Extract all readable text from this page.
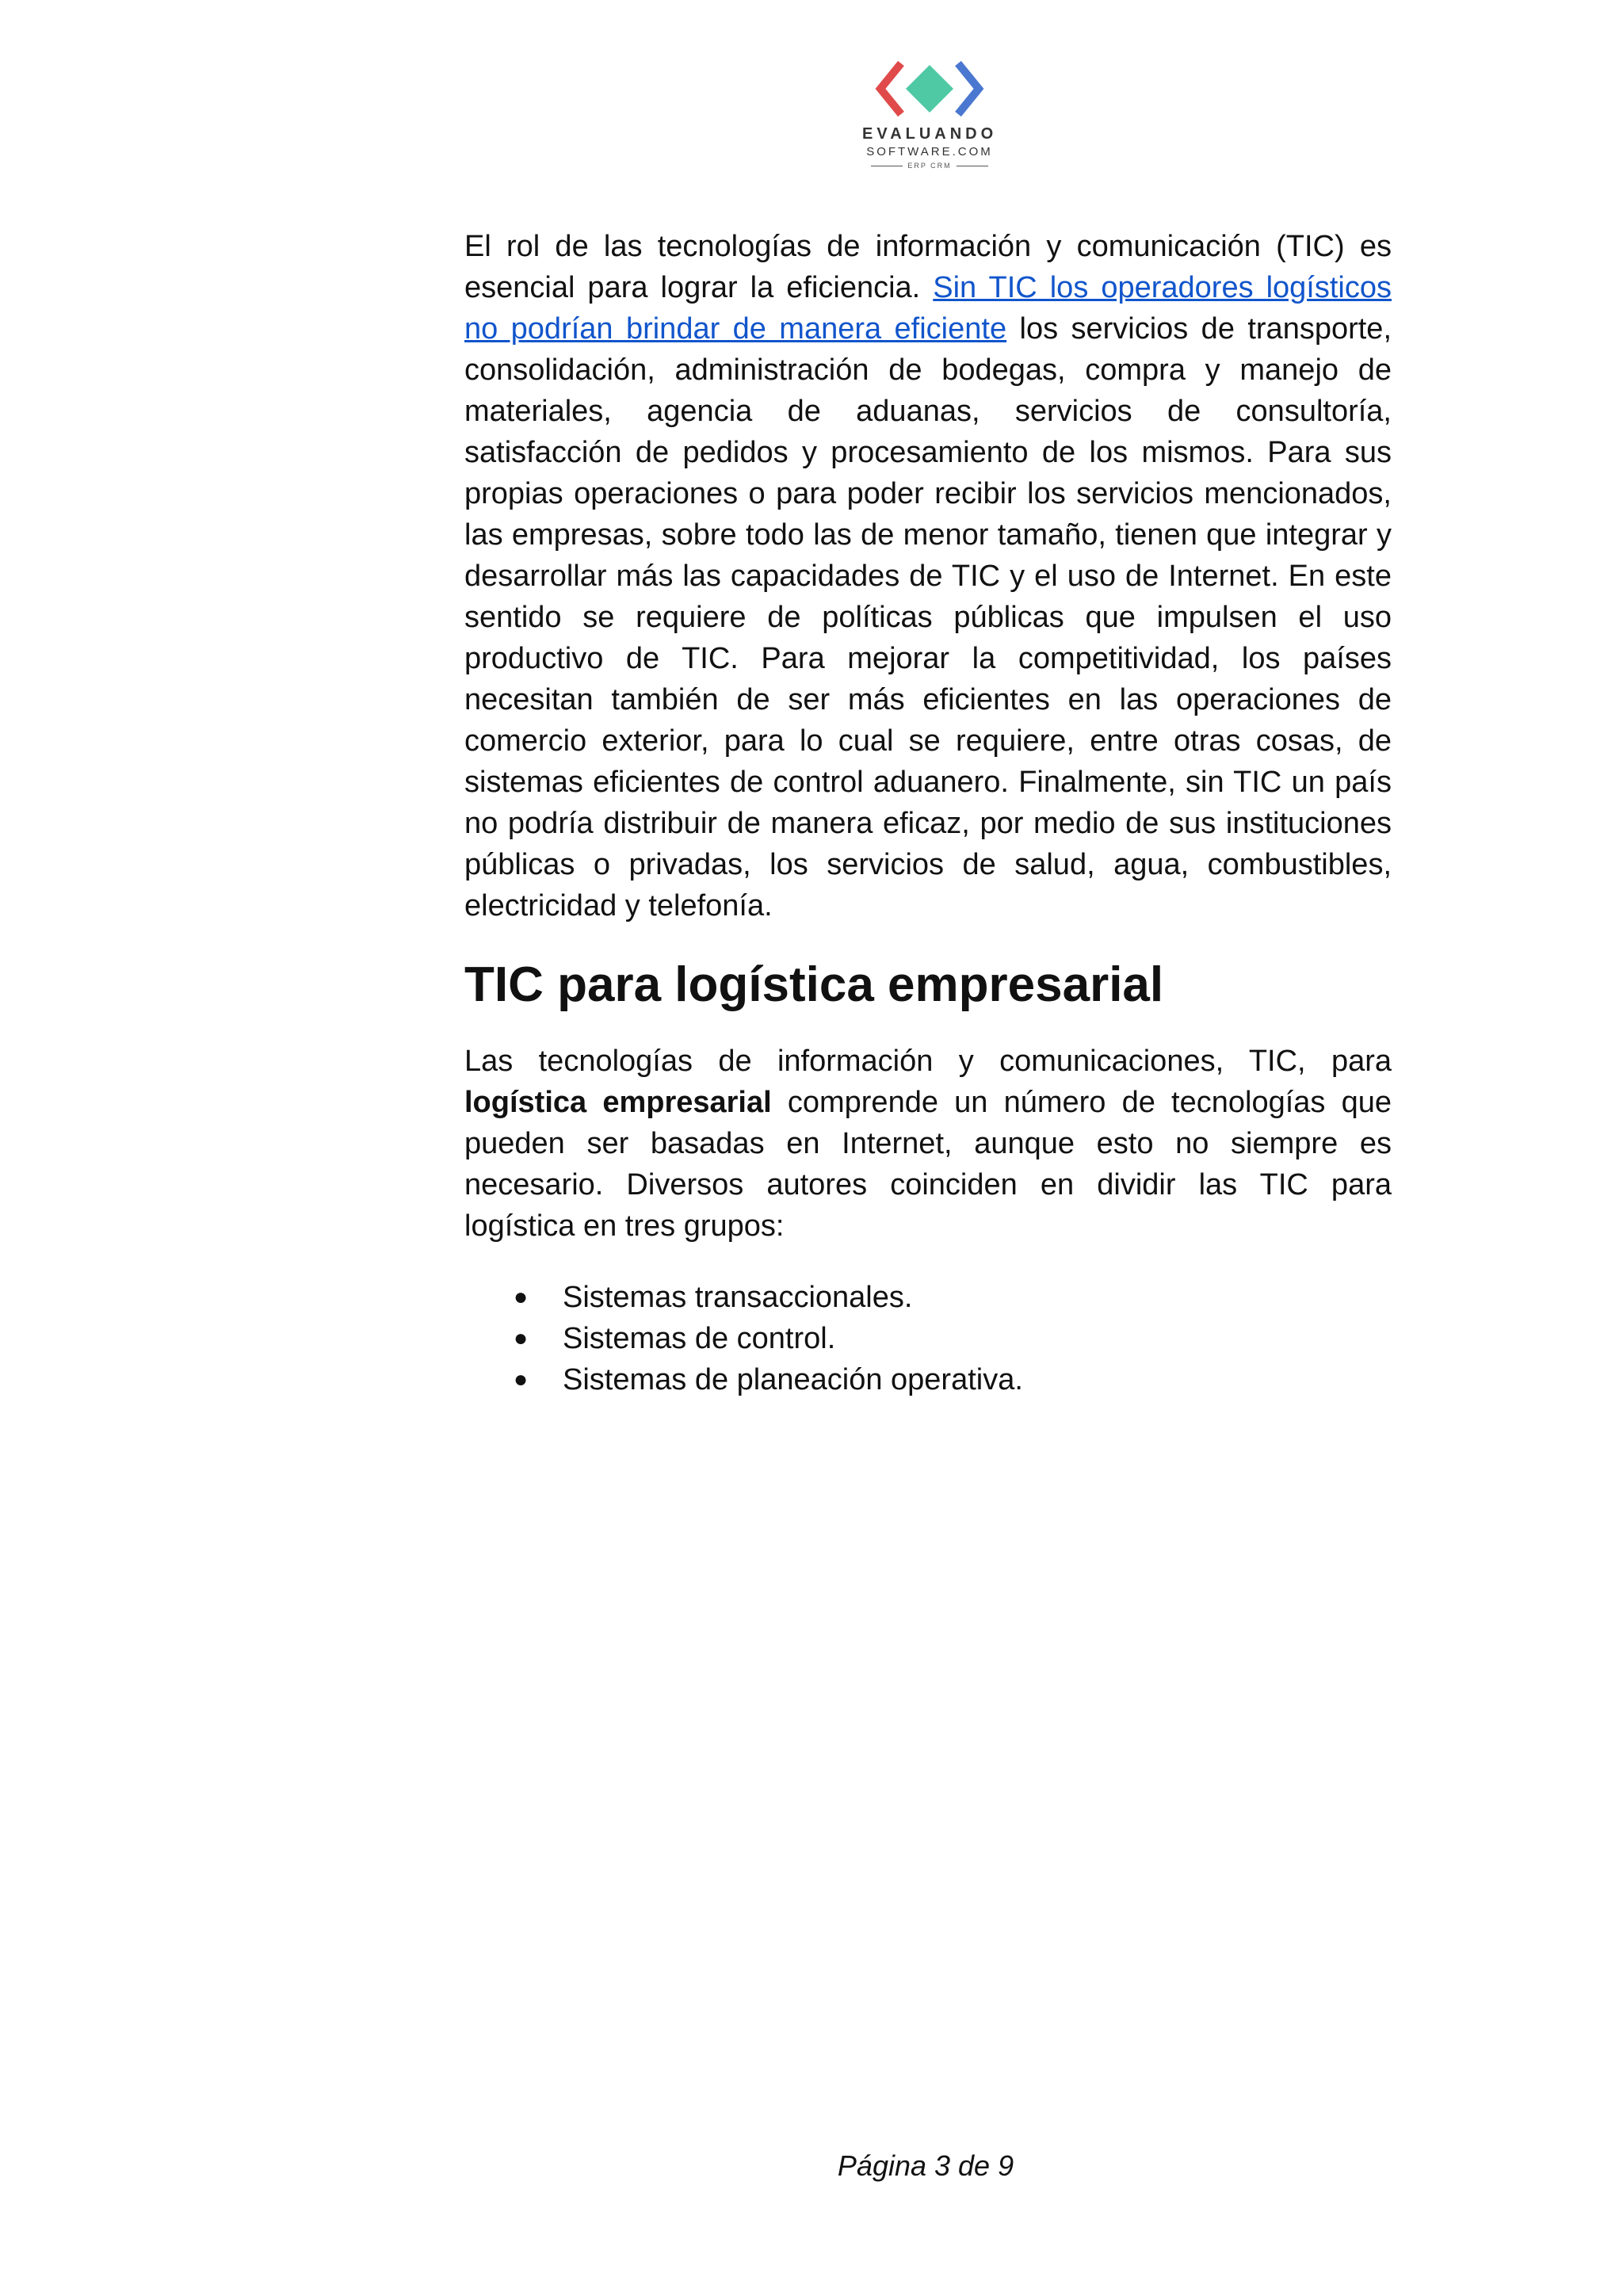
EVALUANDO
SOFTWARE.COM
ERP CRM

El rol de las tecnologías de información y comunicación (TIC) es esencial para lograr la eficiencia. Sin TIC los operadores logísticos no podrían brindar de manera eficiente los servicios de transporte, consolidación, administración de bodegas, compra y manejo de materiales, agencia de aduanas, servicios de consultoría, satisfacción de pedidos y procesamiento de los mismos. Para sus propias operaciones o para poder recibir los servicios mencionados, las empresas, sobre todo las de menor tamaño, tienen que integrar y desarrollar más las capacidades de TIC y el uso de Internet. En este sentido se requiere de políticas públicas que impulsen el uso productivo de TIC. Para mejorar la competitividad, los países necesitan también de ser más eficientes en las operaciones de comercio exterior, para lo cual se requiere, entre otras cosas, de sistemas eficientes de control aduanero. Finalmente, sin TIC un país no podría distribuir de manera eficaz, por medio de sus instituciones públicas o privadas, los servicios de salud, agua, combustibles, electricidad y telefonía.

TIC para logística empresarial

Las tecnologías de información y comunicaciones, TIC, para logística empresarial comprende un número de tecnologías que pueden ser basadas en Internet, aunque esto no siempre es necesario. Diversos autores coinciden en dividir las TIC para logística en tres grupos:

●	Sistemas transaccionales.
●	Sistemas de control.
●	Sistemas de planeación operativa.
Página 3 de 9
